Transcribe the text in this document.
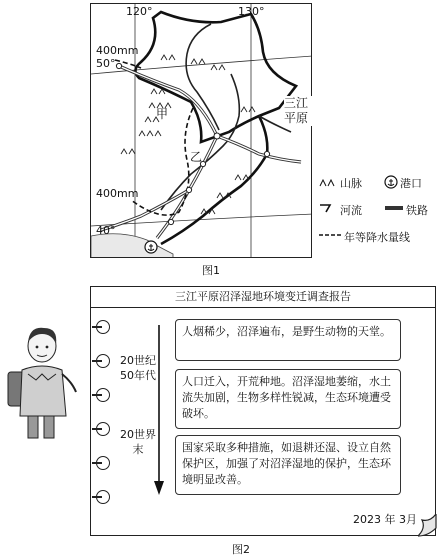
120°	130°
400mm
50°
400mm
40°
甲
乙
三江平原
山脉	港口
河流	铁路
年等降水量线
图1
三江平原沼泽湿地环境变迁调查报告
20世纪50年代
20世界末
人烟稀少，沼泽遍布，是野生动物的天堂。
人口迁入，开荒种地。沼泽湿地萎缩，水土流失加剧，生物多样性锐减，生态环境遭受破坏。
国家采取多种措施，如退耕还湿、设立自然保护区，加强了对沼泽湿地的保护，生态环境明显改善。
2023 年 3月
图2
